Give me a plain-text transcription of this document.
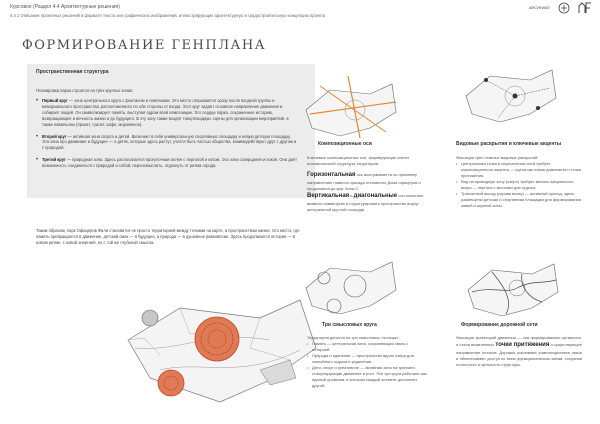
Курсовое (Раздел 4.4 Архитектурные решения)
4.4.1 Описание проектных решений в формате текста или графических изображений, иллюстрирующих архитектурную и градостроительную концепцию проекта
ARCHIWAY
ФОРМИРОВАНИЕ ГЕНПЛАНА
Пространственная структура

Планировка парка строится на трёх круглых зонах:

• Первый круг — зона центрального круга с фонтаном и лавочками. Это место открывается сразу после входной группы и мемориального пространства, расположенного по обе стороны от входа. Этот круг задаёт основное направление движения и собирает людей. Он символизирует память, выступая ядром всей композиции. Это сердце парка, сохраненное историю, возвращающее и вечность жизни и до будущего. В эту зону также входят танцплощадки, сцены для организации мероприятий, а также павильоны (прокат, туалет, кафе, мороженое).
• Второй круг — активная зона спорта и детей. Включает в себя универсальную спортивную площадку и новую детскую площадку. Эта зона про движение и будущее — о детях, которые здесь растут, учатся быть частью общества, взаимодействуют друг с другом и с природой.
• Третий круг — природная зона. Здесь располагается прогулочная аллея с перголой и катом. Эта зона созерцания и покоя. Она даёт возможность соединиться с природой и собой, переосмыслить, отдохнуть от ритма города.
Таким образом, парк Офицеров Фили становится не просто территорией между точками на карте, а пространством жизни. Это место, где память превращается в движение, детский смех — в будущее, а природа — в душевное равновесие. Здесь продолжается история — в новом ритме, с новой энергией, но с той же глубиной смысла.
Композиционные оси
Ключевые композиционные оси, формирующие скелет планировочной структуры территории:
Горизонтальная ось выстраивается по прежнему направлению главного фасада отсновного Дома офицеров и продолжена до круг Зоны 2.
Вертикальная и диагональные оси помогают выявить симметрию и структурировать пространство вокруг центральной круглой площади.
Видовые раскрытия и ключевые акценты
Фиксация трёх главных видовых раскрытий:
• Центральная точка в пересечении осей требует композиционного акцента — сцена как новая доминанта и точка притяжения.
• Вид на приводную зону (озеро) требует мягкого визуального якоря — пергола с местами для отдыха.
• Транзитный выход (справа внизу) — активный проход, здесь размещены детская и спортивная площадки для формирования живой и шумной зоны.
Три смысловых круга
Территория делится на три смысловых «кольца»:
• Память — центральная зона, сохраняющая связь с историей.
• Природа и единение — пространство вдоль озера для спокойного отдыха и уединения.
• Дети, спорт и креативное — активная зона на транзите, стимулирующая движение и рост. Эти три круга работают как единый организм, в котором каждый элемент дополняет другой.
Формирование дорожной сети
Фиксация траекторий движения — она формировалась органично, и стала выявленных точки притяжения и существующее направление потоков. Дорожки усиливают композиционные связи и обеспечивают доступ ко всем функциональным зонам, сохраняя логичность и цельность структуры.
